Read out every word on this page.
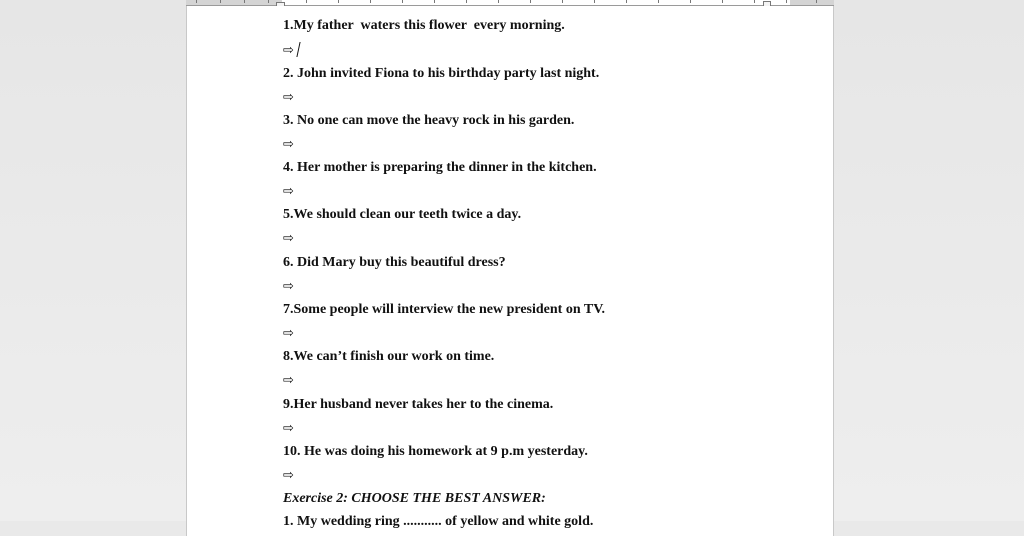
1.My father  waters this flower  every morning.
⇨
2. John invited Fiona to his birthday party last night.
⇨
3. No one can move the heavy rock in his garden.
⇨
4. Her mother is preparing the dinner in the kitchen.
⇨
5.We should clean our teeth twice a day.
⇨
6. Did Mary buy this beautiful dress?
⇨
7.Some people will interview the new president on TV.
⇨
8.We can’t finish our work on time.
⇨
9.Her husband never takes her to the cinema.
⇨
10. He was doing his homework at 9 p.m yesterday.
⇨
Exercise 2: CHOOSE THE BEST ANSWER:
1. My wedding ring ........... of yellow and white gold.
